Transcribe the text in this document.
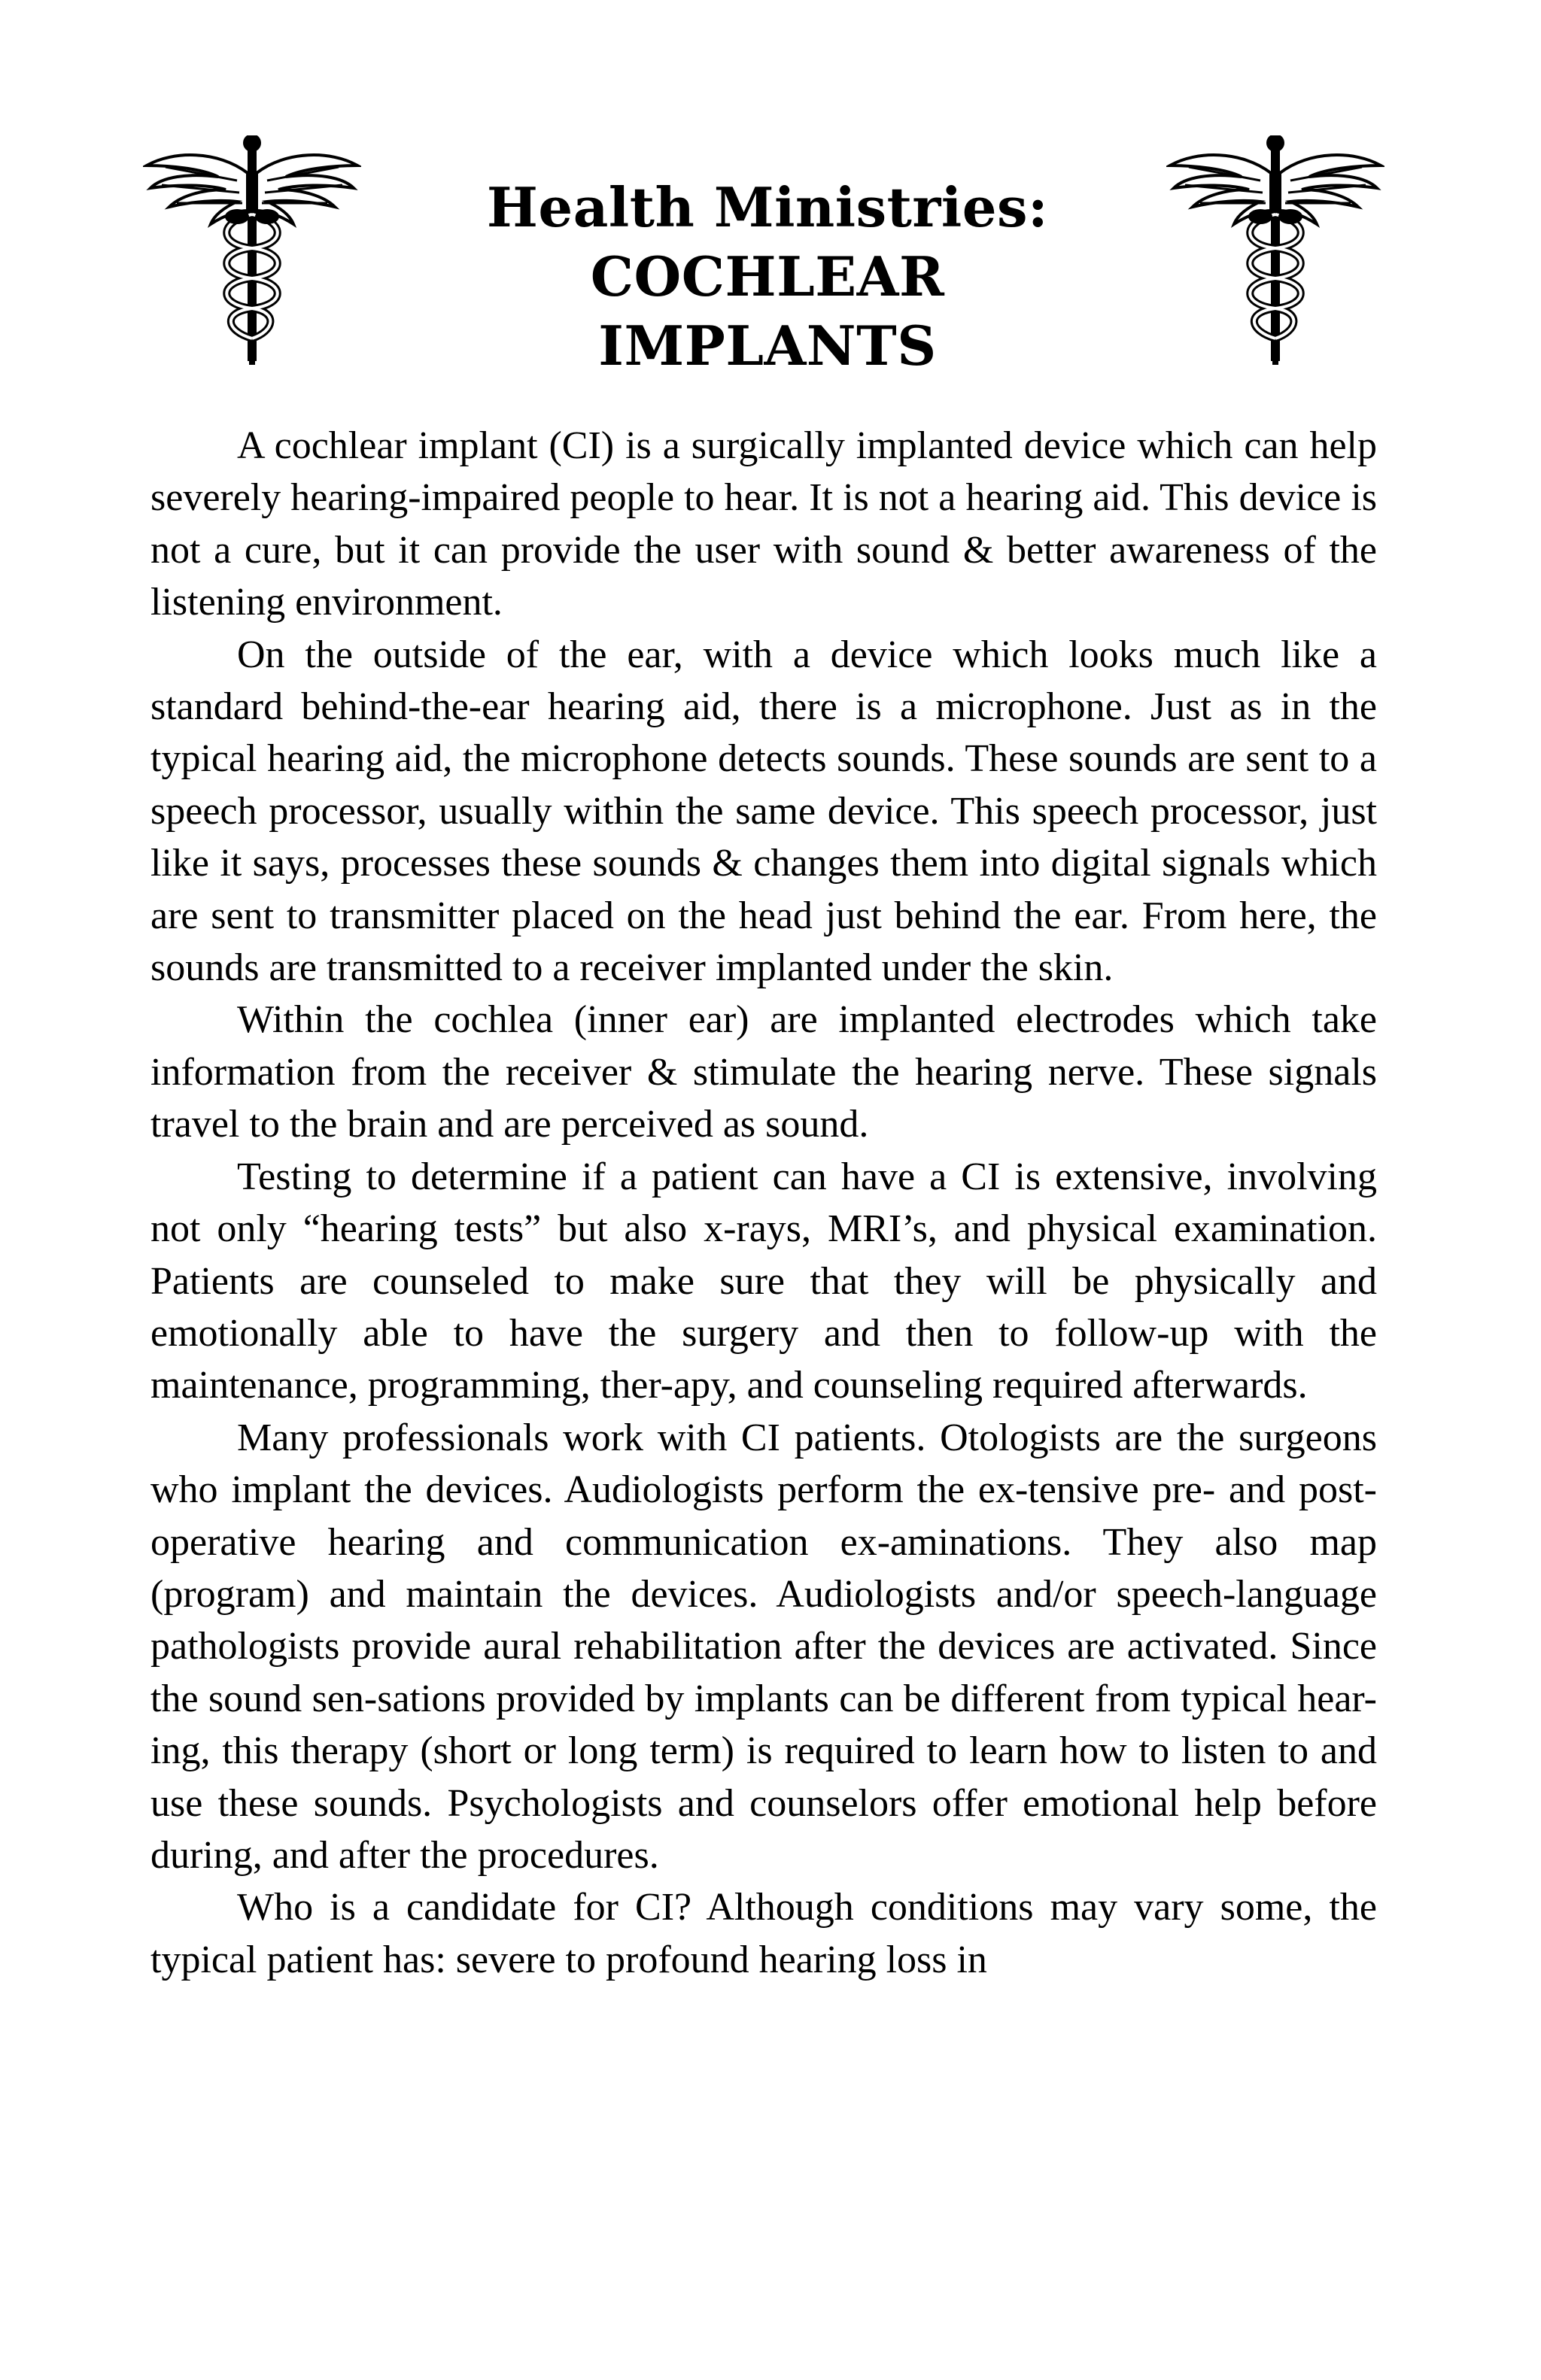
Health Ministries:
COCHLEAR
IMPLANTS

A cochlear implant (CI) is a surgically implanted device which can help severely hearing-impaired people to hear. It is not a hearing aid. This device is not a cure, but it can provide the user with sound & better awareness of the listening environment.

On the outside of the ear, with a device which looks much like a standard behind-the-ear hearing aid, there is a microphone. Just as in the typical hearing aid, the microphone detects sounds. These sounds are sent to a speech processor, usually within the same device. This speech processor, just like it says, processes these sounds & changes them into digital signals which are sent to transmitter placed on the head just behind the ear. From here, the sounds are transmitted to a receiver implanted under the skin.

Within the cochlea (inner ear) are implanted electrodes which take information from the receiver & stimulate the hearing nerve. These signals travel to the brain and are perceived as sound.

Testing to determine if a patient can have a CI is extensive, involving not only “hearing tests” but also x-rays, MRI’s, and physical examination. Patients are counseled to make sure that they will be physically and emotionally able to have the surgery and then to follow-up with the maintenance, programming, ther-apy, and counseling required afterwards.

Many professionals work with CI patients. Otologists are the surgeons who implant the devices. Audiologists perform the ex-tensive pre- and post-operative hearing and communication ex-aminations. They also map (program) and maintain the devices. Audiologists and/or speech-language pathologists provide aural rehabilitation after the devices are activated. Since the sound sen-sations provided by implants can be different from typical hear-ing, this therapy (short or long term) is required to learn how to listen to and use these sounds. Psychologists and counselors offer emotional help before during, and after the procedures.

Who is a candidate for CI? Although conditions may vary some, the typical patient has: severe to profound hearing loss in
